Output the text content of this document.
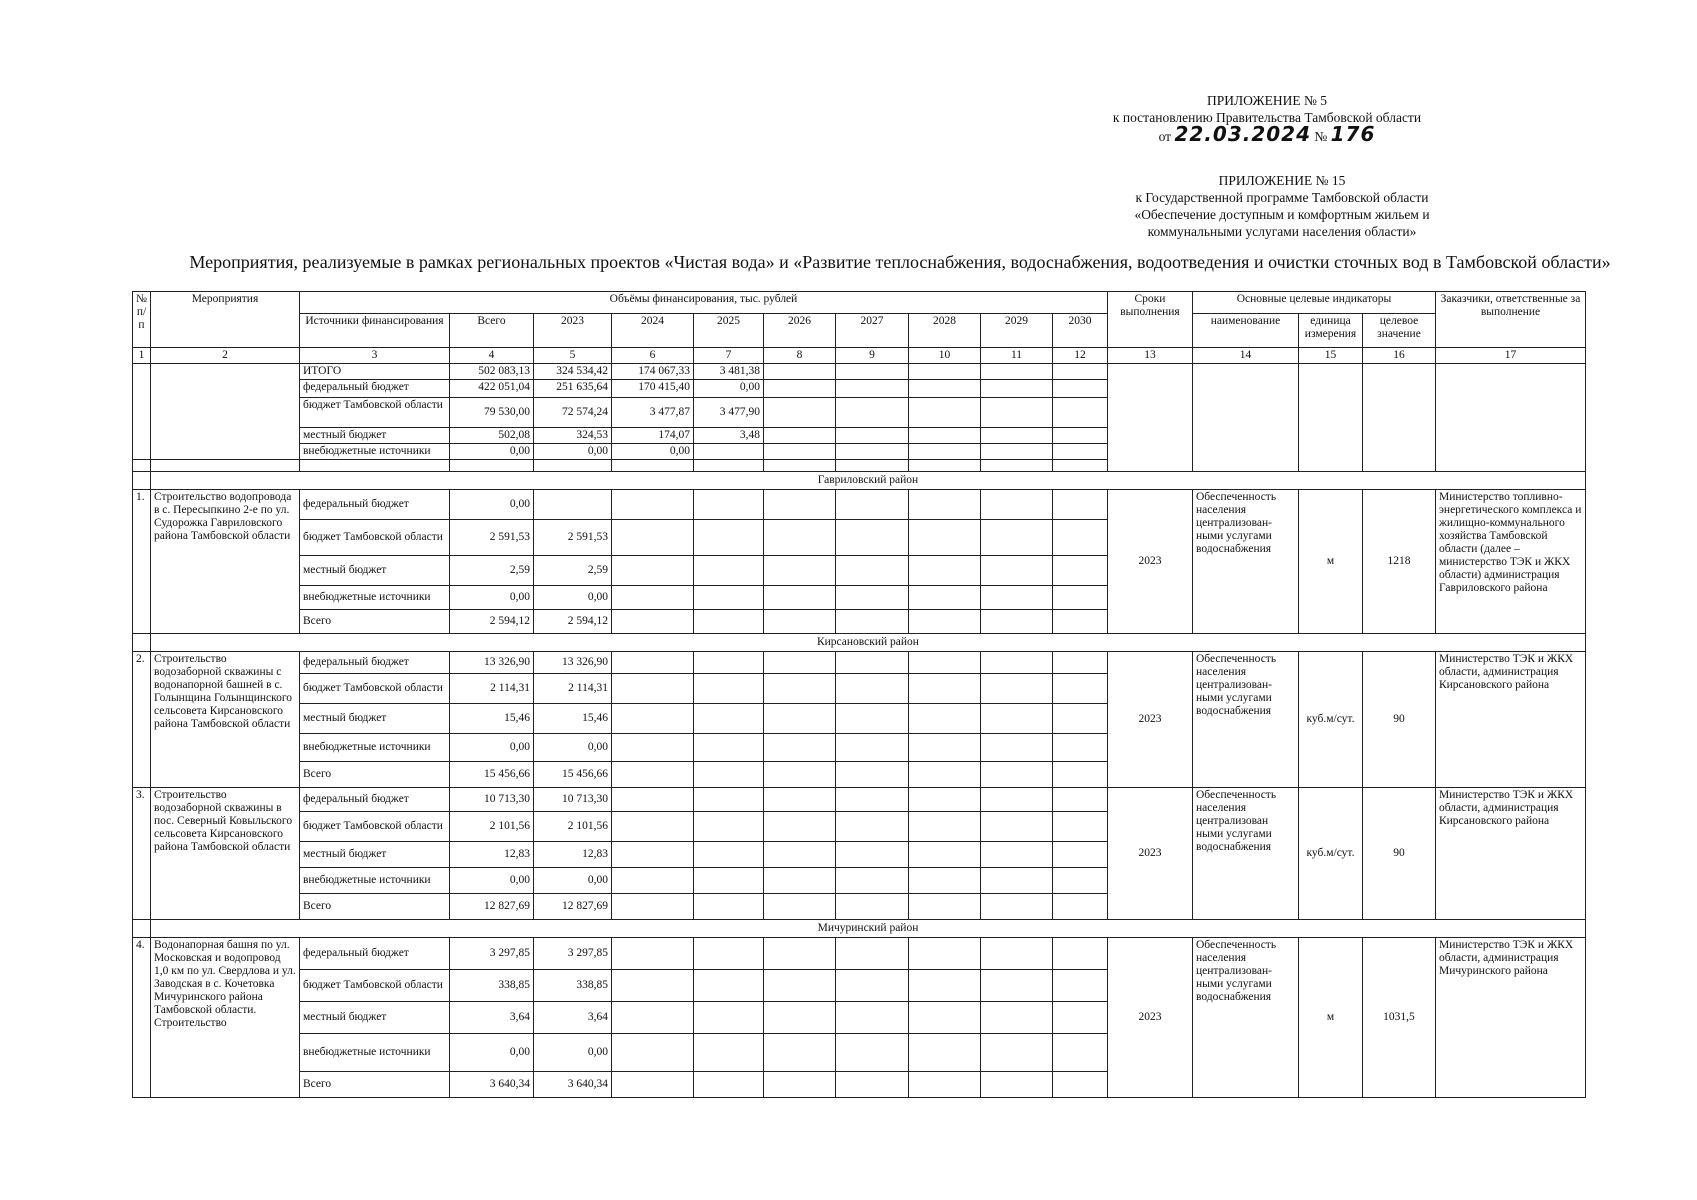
ПРИЛОЖЕНИЕ № 5
к постановлению Правительства Тамбовской области
от 22.03.2024 № 176
ПРИЛОЖЕНИЕ № 15
к Государственной программе Тамбовской области
«Обеспечение доступным и комфортным жильем и
коммунальными услугами населения области»
Мероприятия, реализуемые в рамках региональных проектов «Чистая вода» и «Развитие теплоснабжения, водоснабжения, водоотведения и очистки сточных вод в Тамбовской области»
№ п/п	Мероприятия	Объёмы финансирования, тыс. рублей										Сроки выполнения	Основные целевые индикаторы			Заказчики, ответственные за выполнение
		Источники финансирования	Всего	2023	2024	2025	2026	2027	2028	2029	2030		наименование	единица измерения	целевое значение	
1	2	3	4	5	6	7	8	9	10	11	12	13	14	15	16	17
		ИТОГО	502 083,13	324 534,42	174 067,33	3 481,38										
		федеральный бюджет	422 051,04	251 635,64	170 415,40	0,00										
		бюджет Тамбовской области	79 530,00	72 574,24	3 477,87	3 477,90										
		местный бюджет	502,08	324,53	174,07	3,48										
		внебюджетные источники	0,00	0,00	0,00											

	Гавриловский район															
1.	Строительство водопровода в с. Пересыпкино 2-е по ул. Судорожка Гавриловского района Тамбовской области	федеральный бюджет	0,00									2023	Обеспеченность населения централизован-ными услугами водоснабжения	м	1218	Министерство топливно-энергетического комплекса и жилищно-коммунального хозяйства Тамбовской области (далее – министерство ТЭК и ЖКХ области) администрация Гавриловского района
		бюджет Тамбовской области	2 591,53	2 591,53												
		местный бюджет	2,59	2,59												
		внебюджетные источники	0,00	0,00												
		Всего	2 594,12	2 594,12												
	Кирсановский район															
2.	Строительство водозаборной скважины с водонапорной башней в с. Голынщина Голынщинского сельсовета Кирсановского района Тамбовской области	федеральный бюджет	13 326,90	13 326,90								2023	Обеспеченность населения централизован-ными услугами водоснабжения	куб.м/сут.	90	Министерство ТЭК и ЖКХ области, администрация Кирсановского района
		бюджет Тамбовской области	2 114,31	2 114,31												
		местный бюджет	15,46	15,46												
		внебюджетные источники	0,00	0,00												
		Всего	15 456,66	15 456,66												
3.	Строительство водозаборной скважины в пос. Северный Ковыльского сельсовета Кирсановского района Тамбовской области	федеральный бюджет	10 713,30	10 713,30								2023	Обеспеченность населения централизован ными услугами водоснабжения	куб.м/сут.	90	Министерство ТЭК и ЖКХ области, администрация Кирсановского района
		бюджет Тамбовской области	2 101,56	2 101,56												
		местный бюджет	12,83	12,83												
		внебюджетные источники	0,00	0,00												
		Всего	12 827,69	12 827,69												
	Мичуринский район															
4.	Водонапорная башня по ул. Московская и водопровод 1,0 км по ул. Свердлова и ул. Заводская в с. Кочетовка Мичуринского района Тамбовской области. Строительство	федеральный бюджет	3 297,85	3 297,85								2023	Обеспеченность населения централизован-ными услугами водоснабжения	м	1031,5	Министерство ТЭК и ЖКХ области, администрация Мичуринского района
		бюджет Тамбовской области	338,85	338,85												
		местный бюджет	3,64	3,64												
		внебюджетные источники	0,00	0,00												
		Всего	3 640,34	3 640,34												
